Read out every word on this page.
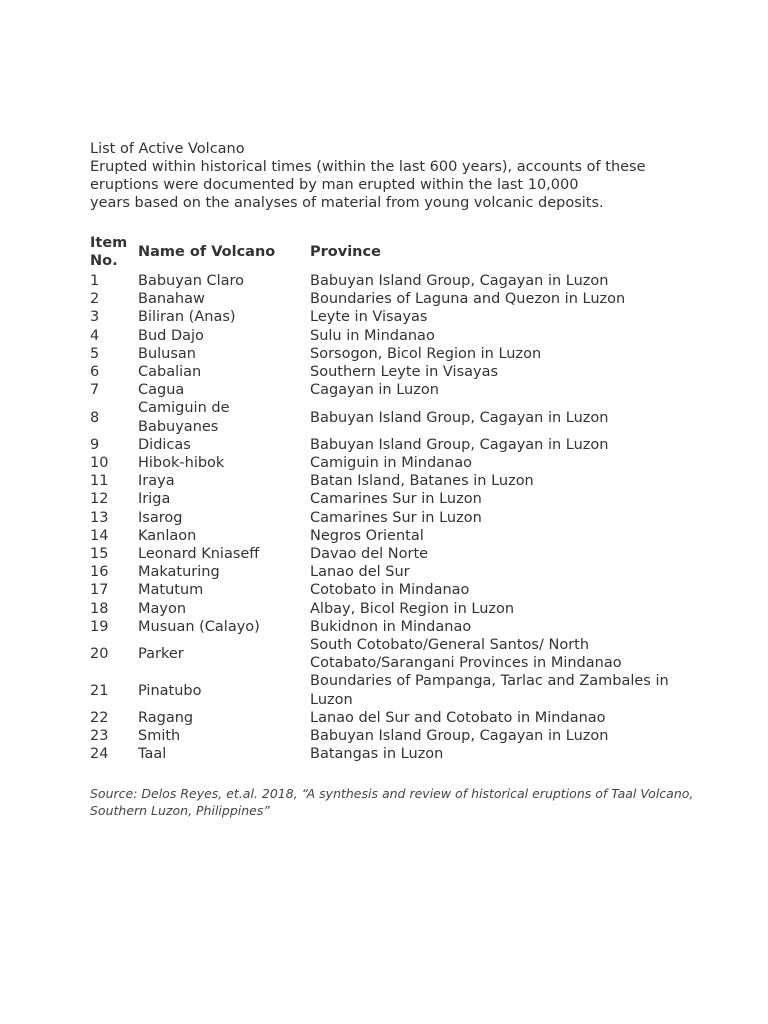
List of Active Volcano

Erupted within historical times (within the last 600 years), accounts of these

eruptions were documented by man erupted within the last 10,000

years based on the analyses of material from young volcanic deposits.

Item No.	Name of Volcano	Province
1	Babuyan Claro	Babuyan Island Group, Cagayan in Luzon
2	Banahaw	Boundaries of Laguna and Quezon in Luzon
3	Biliran (Anas)	Leyte in Visayas
4	Bud Dajo	Sulu in Mindanao
5	Bulusan	Sorsogon, Bicol Region in Luzon
6	Cabalian	Southern Leyte in Visayas
7	Cagua	Cagayan in Luzon
8	Camiguin de Babuyanes	Babuyan Island Group, Cagayan in Luzon
9	Didicas	Babuyan Island Group, Cagayan in Luzon
10	Hibok-hibok	Camiguin in Mindanao
11	Iraya	Batan Island, Batanes in Luzon
12	Iriga	Camarines Sur in Luzon
13	Isarog	Camarines Sur in Luzon
14	Kanlaon	Negros Oriental
15	Leonard Kniaseff	Davao del Norte
16	Makaturing	Lanao del Sur
17	Matutum	Cotobato in Mindanao
18	Mayon	Albay, Bicol Region in Luzon
19	Musuan (Calayo)	Bukidnon in Mindanao
20	Parker	South Cotobato/General Santos/ North Cotabato/Sarangani Provinces in Mindanao
21	Pinatubo	Boundaries of Pampanga, Tarlac and Zambales in Luzon
22	Ragang	Lanao del Sur and Cotobato in Mindanao
23	Smith	Babuyan Island Group, Cagayan in Luzon
24	Taal	Batangas in Luzon
Source: Delos Reyes, et.al. 2018, “A synthesis and review of historical eruptions of Taal Volcano, Southern Luzon, Philippines”
